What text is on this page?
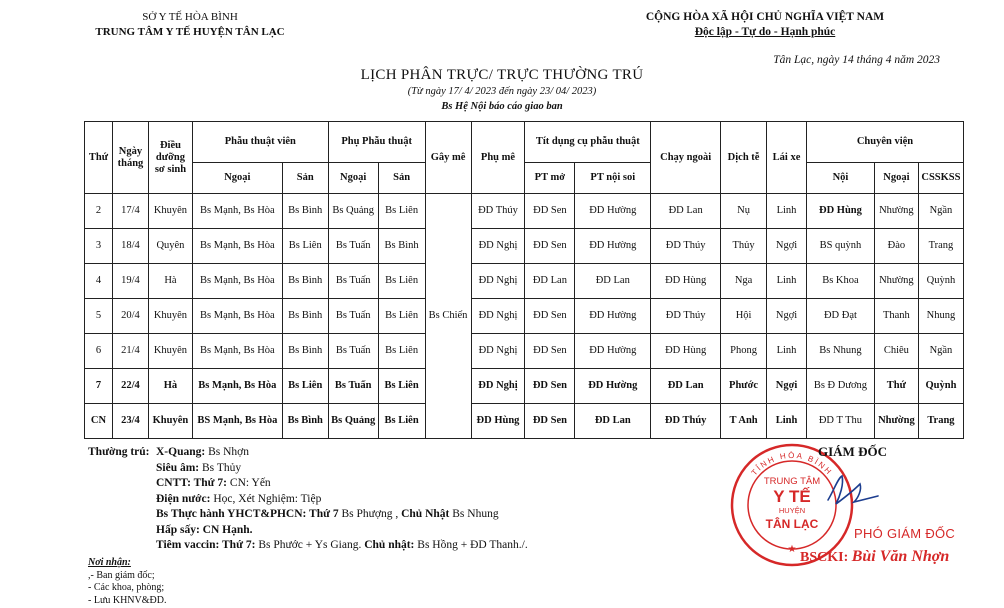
SỞ Y TẾ HÒA BÌNH
TRUNG TÂM Y TẾ HUYỆN TÂN LẠC
CỘNG HÒA XÃ HỘI CHỦ NGHĨA VIỆT NAM
Độc lập - Tự do - Hạnh phúc
Tân Lạc, ngày 14 tháng 4 năm 2023
LỊCH PHÂN TRỰC/ TRỰC THƯỜNG TRÚ
(Từ ngày 17/ 4/ 2023 đến ngày 23/ 04/ 2023)
Bs Hệ Nội báo cáo giao ban
Thứ	Ngày tháng	Điều dưỡng sơ sinh	Phẫu thuật viên		Phụ Phẫu thuật		Gây mê	Phụ mê	Tít dụng cụ phẫu thuật		Chạy ngoài	Dịch tễ	Lái xe	Chuyên viện		
			Ngoại	Sản	Ngoại	Sản			PT mở	PT nội soi				Nội	Ngoại	CSSKSS
2	17/4	Khuyên	Bs Mạnh, Bs Hòa	Bs Bình	Bs Quảng	Bs Liên	Bs Chiến	ĐD Thúy	ĐD Sen	ĐD Hường	ĐD Lan	Nụ	Linh	ĐD Hùng	Nhường	Ngần
3	18/4	Quyên	Bs Mạnh, Bs Hòa	Bs Liên	Bs Tuấn	Bs Bình		ĐD Nghị	ĐD Sen	ĐD Hường	ĐD Thúy	Thủy	Ngợi	BS quỳnh	Đào	Trang
4	19/4	Hà	Bs Mạnh, Bs Hòa	Bs Bình	Bs Tuấn	Bs Liên		ĐD Nghị	ĐD Lan	ĐD Lan	ĐD Hùng	Nga	Linh	Bs Khoa	Nhường	Quỳnh
5	20/4	Khuyên	Bs Mạnh, Bs Hòa	Bs Bình	Bs Tuấn	Bs Liên		ĐD Nghị	ĐD Sen	ĐD Hường	ĐD Thúy	Hội	Ngợi	ĐD Đạt	Thanh	Nhung
6	21/4	Khuyên	Bs Mạnh, Bs Hòa	Bs Bình	Bs Tuấn	Bs Liên		ĐD Nghị	ĐD Sen	ĐD Hường	ĐD Hùng	Phong	Linh	Bs Nhung	Chiêu	Ngần
7	22/4	Hà	Bs Mạnh, Bs Hòa	Bs Liên	Bs Tuấn	Bs Liên		ĐD Nghị	ĐD Sen	ĐD Hường	ĐD Lan	Phước	Ngợi	Bs Đ Dương	Thứ	Quỳnh
CN	23/4	Khuyên	BS Mạnh, Bs Hòa	Bs Bình	Bs Quảng	Bs Liên		ĐD Hùng	ĐD Sen	ĐD Lan	ĐD Thúy	T Anh	Linh	ĐD T Thu	Nhường	Trang
Thường trú: X-Quang: Bs Nhợn
Siêu âm: Bs Thủy
CNTT: Thứ 7: CN: Yến
Điện nước: Học, Xét Nghiệm: Tiệp
Bs Thực hành YHCT&PHCN: Thứ 7 Bs Phượng , Chủ Nhật Bs Nhung
Hấp sấy: CN Hạnh.
Tiêm vaccin: Thứ 7: Bs Phước + Ys Giang. Chủ nhật: Bs Hồng + ĐD Thanh./.
Nơi nhận:
,- Ban giám đốc;
- Các khoa, phòng;
- Lưu KHNV&ĐD.
TỈNH HÒA BÌNH
TRUNG TÂM
Y TẾ
HUYỆN
TÂN LẠC
★
GIÁM ĐỐC
PHÓ GIÁM ĐỐC
BSCKI: Bùi Văn Nhợn
